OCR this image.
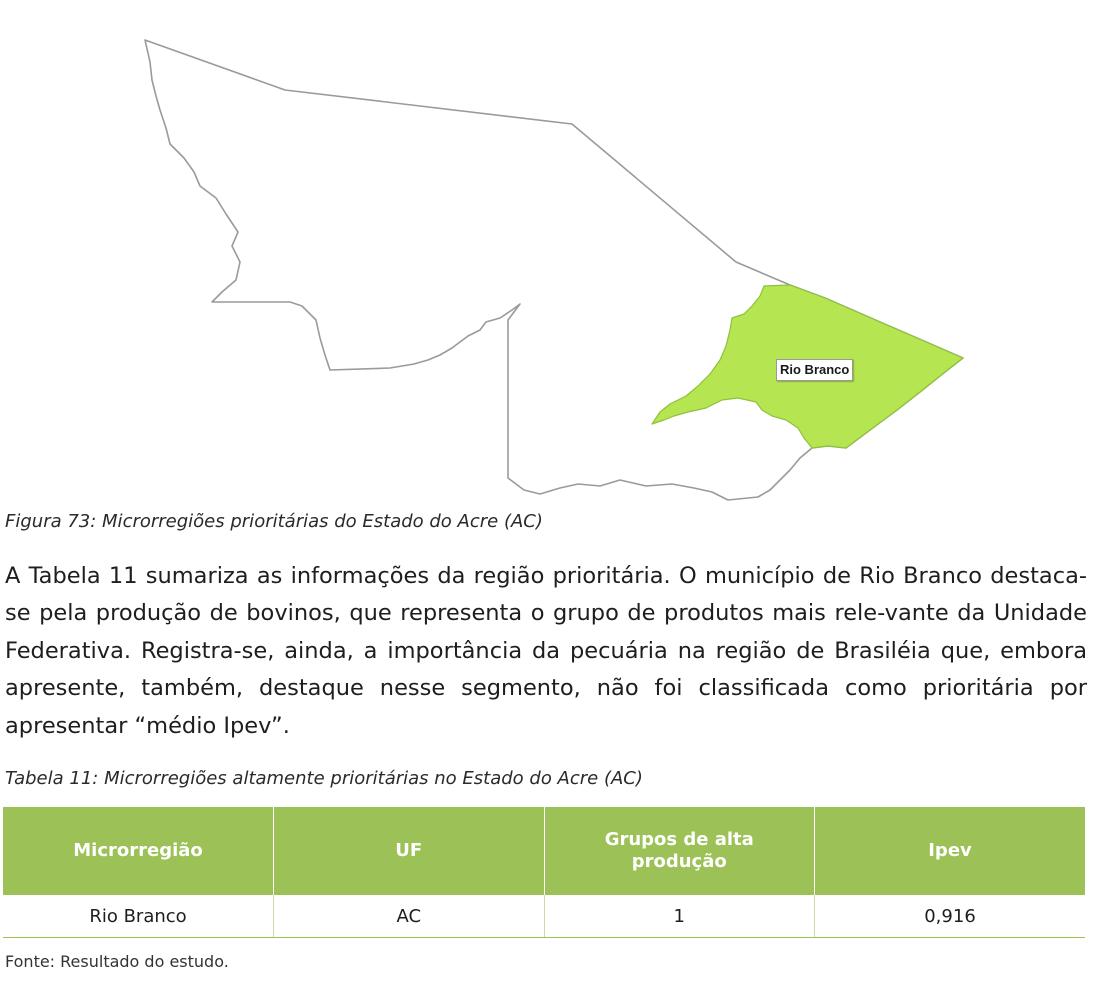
Rio Branco
Figura 73: Microrregiões prioritárias do Estado do Acre (AC)

A Tabela 11 sumariza as informações da região prioritária. O município de Rio Branco destaca-se pela produção de bovinos, que representa o grupo de produtos mais rele-vante da Unidade Federativa. Registra-se, ainda, a importância da pecuária na região de Brasiléia que, embora apresente, também, destaque nesse segmento, não foi classificada como prioritária por apresentar “médio Ipev”.

Tabela 11: Microrregiões altamente prioritárias no Estado do Acre (AC)
Microrregião	UF	Grupos de alta produção	Ipev
Rio Branco	AC	1	0,916
Fonte: Resultado do estudo.
